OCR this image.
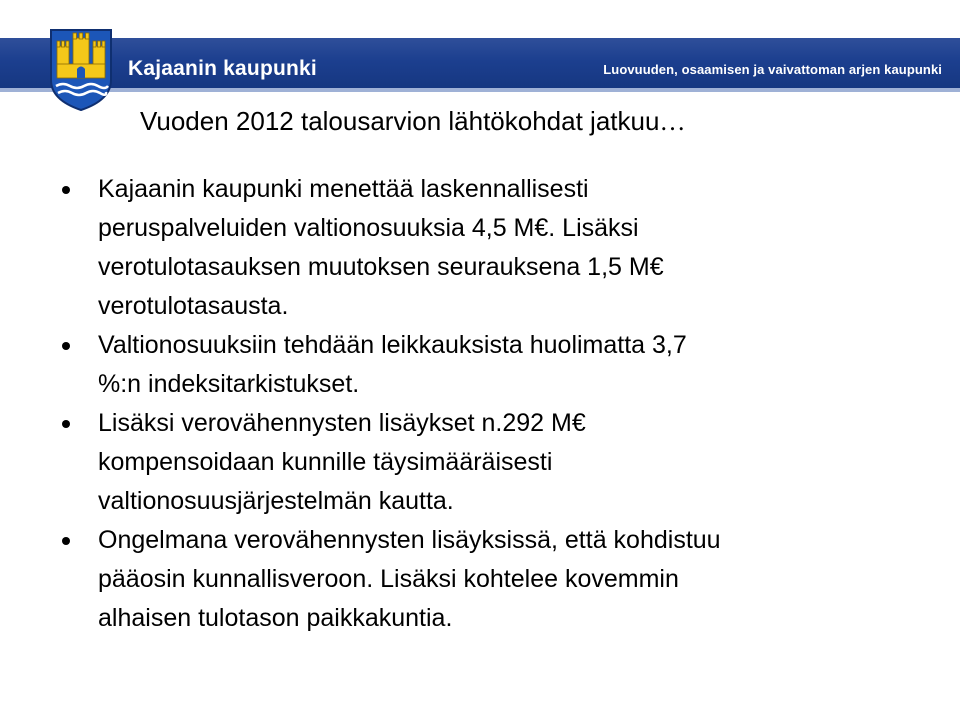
Kajaanin kaupunki	Luovuuden, osaamisen ja vaivattoman arjen kaupunki
Vuoden 2012 talousarvion lähtökohdat jatkuu…
Kajaanin kaupunki menettää laskennallisesti
peruspalveluiden valtionosuuksia 4,5 M€. Lisäksi
verotulotasauksen muutoksen seurauksena 1,5 M€
verotulotasausta.
Valtionosuuksiin tehdään leikkauksista huolimatta 3,7
%:n indeksitarkistukset.
Lisäksi verovähennysten lisäykset n.292 M€
kompensoidaan kunnille täysimääräisesti
valtionosuusjärjestelmän kautta.
Ongelmana verovähennysten lisäyksissä, että kohdistuu
pääosin kunnallisveroon. Lisäksi kohtelee kovemmin
alhaisen tulotason paikkakuntia.
